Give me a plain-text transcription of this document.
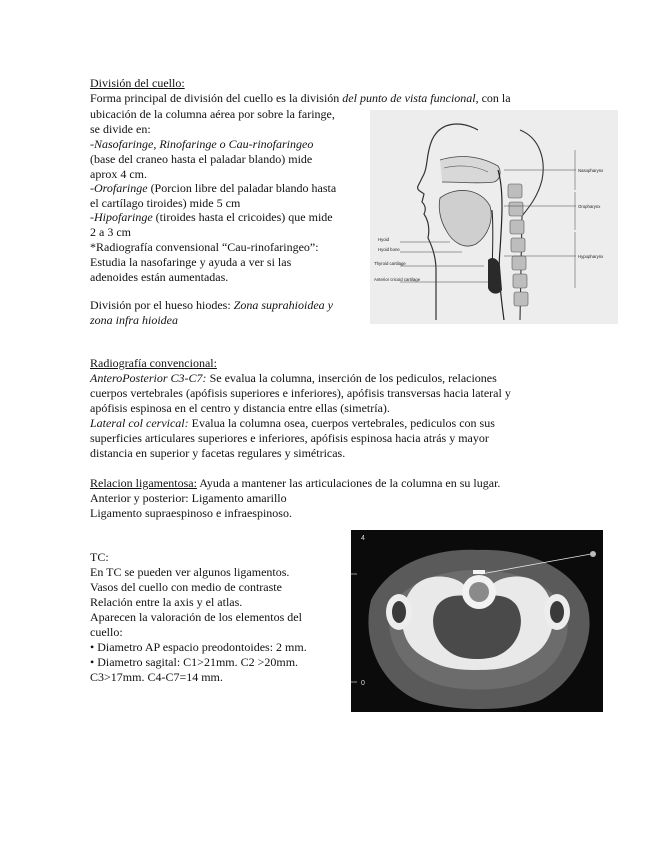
División del cuello:
Forma principal de división del cuello es la división del punto de vista funcional, con la
ubicación de la columna aérea por sobre la faringe,
se divide en:
-Nasofaringe, Rinofaringe o Cau-rinofaringeo
(base del craneo hasta el paladar blando) mide
aprox 4 cm.
-Orofaringe (Porcion libre del paladar blando hasta
el cartílago tiroides) mide 5 cm
-Hipofaringe (tiroides hasta el cricoides) que mide
2 a 3 cm
*Radiografía convensional “Cau-rinofaringeo”:
Estudia la nasofaringe y ayuda a ver si las
adenoides están aumentadas.
División por el hueso hiodes: Zona suprahioidea y
zona infra hioidea
Nasopharynx
Oropharynx
Hypopharynx
Hyoid
Hyoid bone
Thyroid cartilage
Anterior cricoid cartilage
Radiografía convencional:
AnteroPosterior C3-C7: Se evalua la columna, inserción de los pediculos, relaciones
cuerpos vertebrales (apófisis superiores e inferiores), apófisis transversas hacia lateral y
apófisis espinosa en el centro y distancia entre ellas (simetría).
Lateral col cervical: Evalua la columna osea, cuerpos vertebrales, pediculos con sus
superficies articulares superiores e inferiores, apófisis espinosa hacia atrás y mayor
distancia en superior y facetas regulares y simétricas.
Relacion ligamentosa: Ayuda a mantener las articulaciones de la columna en su lugar.
Anterior y posterior: Ligamento amarillo
Ligamento supraespinoso e infraespinoso.
TC:
En TC se pueden ver algunos ligamentos.
Vasos del cuello con medio de contraste
Relación entre la axis y el atlas.
Aparecen la valoración de los elementos del
cuello:
• Diametro AP espacio preodontoides: 2 mm.
• Diametro sagital: C1>21mm. C2 >20mm.
C3>17mm. C4-C7=14 mm.
4
0
